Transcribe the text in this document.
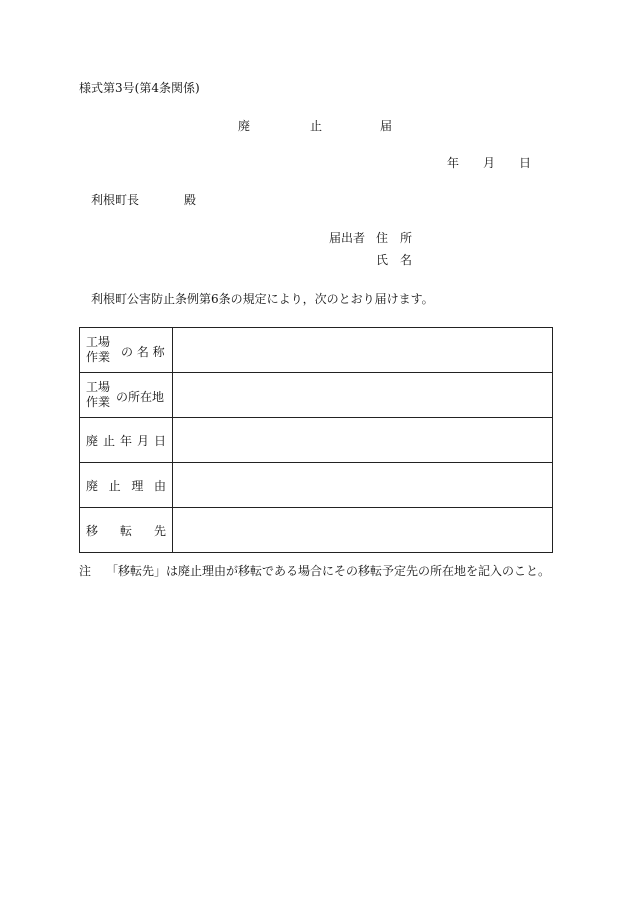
様式第3号(第4条関係)
廃	止	届
年 月 日
利根町長	殿
届出者 住　所
氏　名
利根町公害防止条例第6条の規定により，次のとおり届けます。
工場
作業 の 名 称	

工場
作業 の所在地	

廃 止 年 月 日	

廃 止 理 由	

移 転 先	

注 「移転先」は廃止理由が移転である場合にその移転予定先の所在地を記入のこと。
